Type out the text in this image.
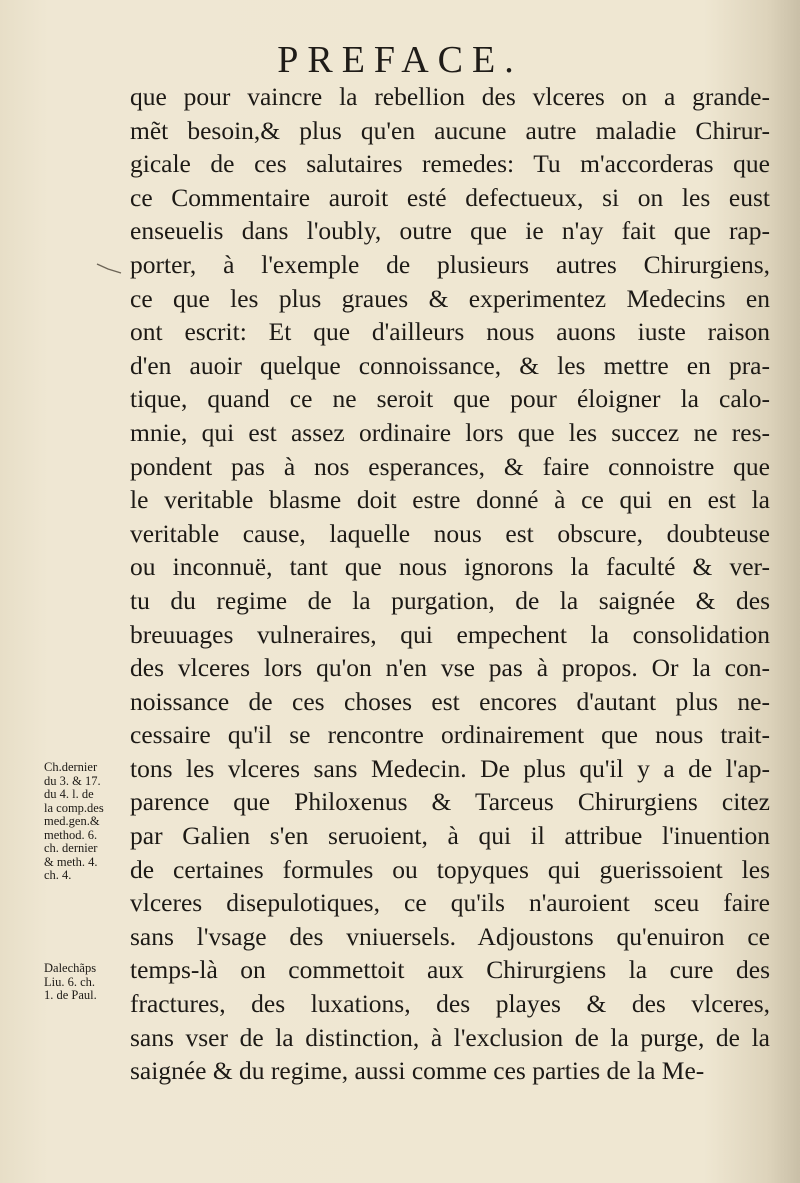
PREFACE.
que pour vaincre la rebellion des vlceres on a grande-
mẽt besoin,& plus qu'en aucune autre maladie Chirur-
gicale de ces salutaires remedes: Tu m'accorderas que
ce Commentaire auroit esté defectueux, si on les eust
enseuelis dans l'oubly, outre que ie n'ay fait que rap-
porter, à l'exemple de plusieurs autres Chirurgiens,
ce que les plus graues & experimentez Medecins en
ont escrit: Et que d'ailleurs nous auons iuste raison
d'en auoir quelque connoissance, & les mettre en pra-
tique, quand ce ne seroit que pour éloigner la calo-
mnie, qui est assez ordinaire lors que les succez ne res-
pondent pas à nos esperances, & faire connoistre que
le veritable blasme doit estre donné à ce qui en est la
veritable cause, laquelle nous est obscure, doubteuse
ou inconnuë, tant que nous ignorons la faculté & ver-
tu du regime de la purgation, de la saignée & des
breuuages vulneraires, qui empechent la consolidation
des vlceres lors qu'on n'en vse pas à propos. Or la con-
noissance de ces choses est encores d'autant plus ne-
cessaire qu'il se rencontre ordinairement que nous trait-
tons les vlceres sans Medecin. De plus qu'il y a de l'ap-
parence que Philoxenus & Tarceus Chirurgiens citez
par Galien s'en seruoient, à qui il attribue l'inuention
de certaines formules ou topyques qui guerissoient les
vlceres disepulotiques, ce qu'ils n'auroient sceu faire
sans l'vsage des vniuersels. Adjoustons qu'enuiron ce
temps-là on commettoit aux Chirurgiens la cure des
fractures, des luxations, des playes & des vlceres,
sans vser de la distinction, à l'exclusion de la purge, de la
saignée & du regime, aussi comme ces parties de la Me-
Ch.dernier
du 3. & 17.
du 4. l. de
la comp.des
med.gen.&
method. 6.
ch. dernier
& meth. 4.
ch. 4.
Dalechãps
Liu. 6. ch.
1. de Paul.
